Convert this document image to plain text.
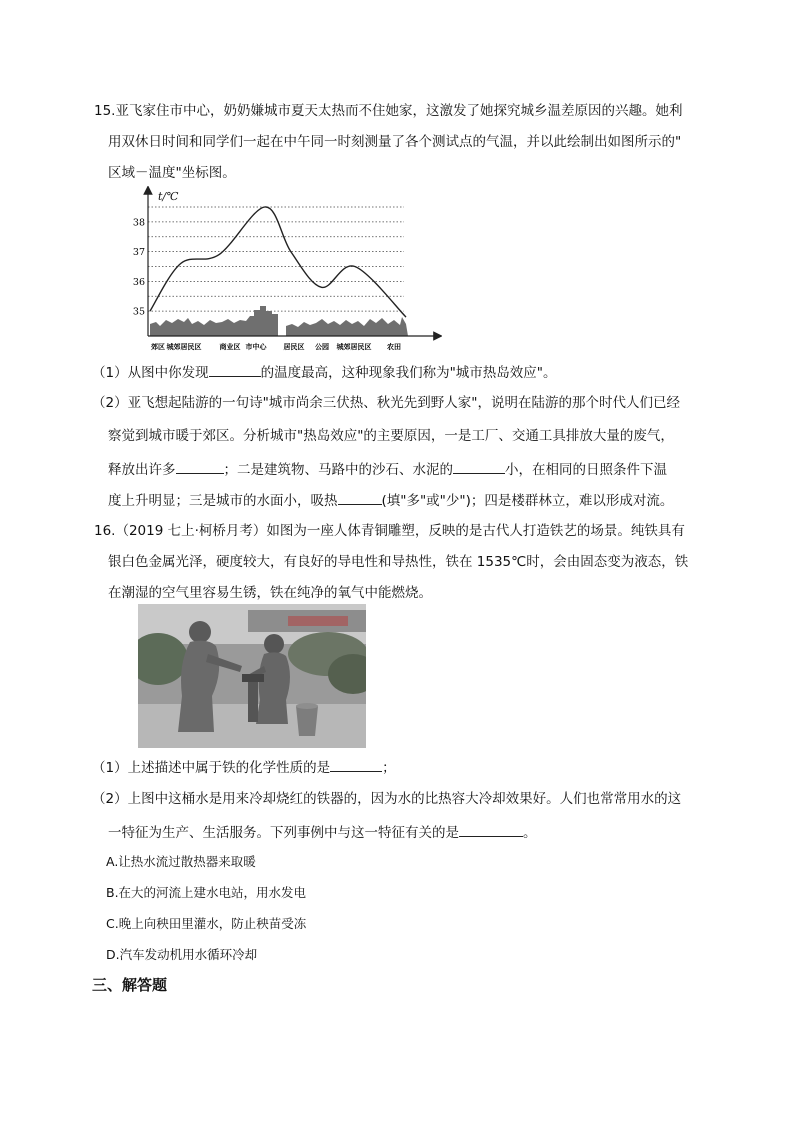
15.亚飞家住市中心，奶奶嫌城市夏天太热而不住她家，这激发了她探究城乡温差原因的兴趣。她利
用双休日时间和同学们一起在中午同一时刻测量了各个测试点的气温，并以此绘制出如图所示的"
区域－温度"坐标图。
t/℃
35
36
37
38
郊区 城郊居民区	商业区 市中心 居民区 公园 城郊居民区 农田
（1）从图中你发现	的温度最高，这种现象我们称为"城市热岛效应"。
（2）亚飞想起陆游的一句诗"城市尚余三伏热、秋光先到野人家"，说明在陆游的那个时代人们已经
察觉到城市暖于郊区。分析城市"热岛效应"的主要原因，一是工厂、交通工具排放大量的废气，
释放出许多	；二是建筑物、马路中的沙石、水泥的	小，在相同的日照条件下温
度上升明显；三是城市的水面小，吸热	(填"多"或"少")；四是楼群林立，难以形成对流。
16.（2019 七上·柯桥月考）如图为一座人体青铜雕塑，反映的是古代人打造铁艺的场景。纯铁具有
银白色金属光泽，硬度较大，有良好的导电性和导热性，铁在 1535℃时，会由固态变为液态，铁
在潮湿的空气里容易生锈，铁在纯净的氧气中能燃烧。
（1）上述描述中属于铁的化学性质的是	；
（2）上图中这桶水是用来冷却烧红的铁器的，因为水的比热容大冷却效果好。人们也常常用水的这
一特征为生产、生活服务。下列事例中与这一特征有关的是	。
A.让热水流过散热器来取暖
B.在大的河流上建水电站，用水发电
C.晚上向秧田里灌水，防止秧苗受冻
D.汽车发动机用水循环冷却
三、解答题
